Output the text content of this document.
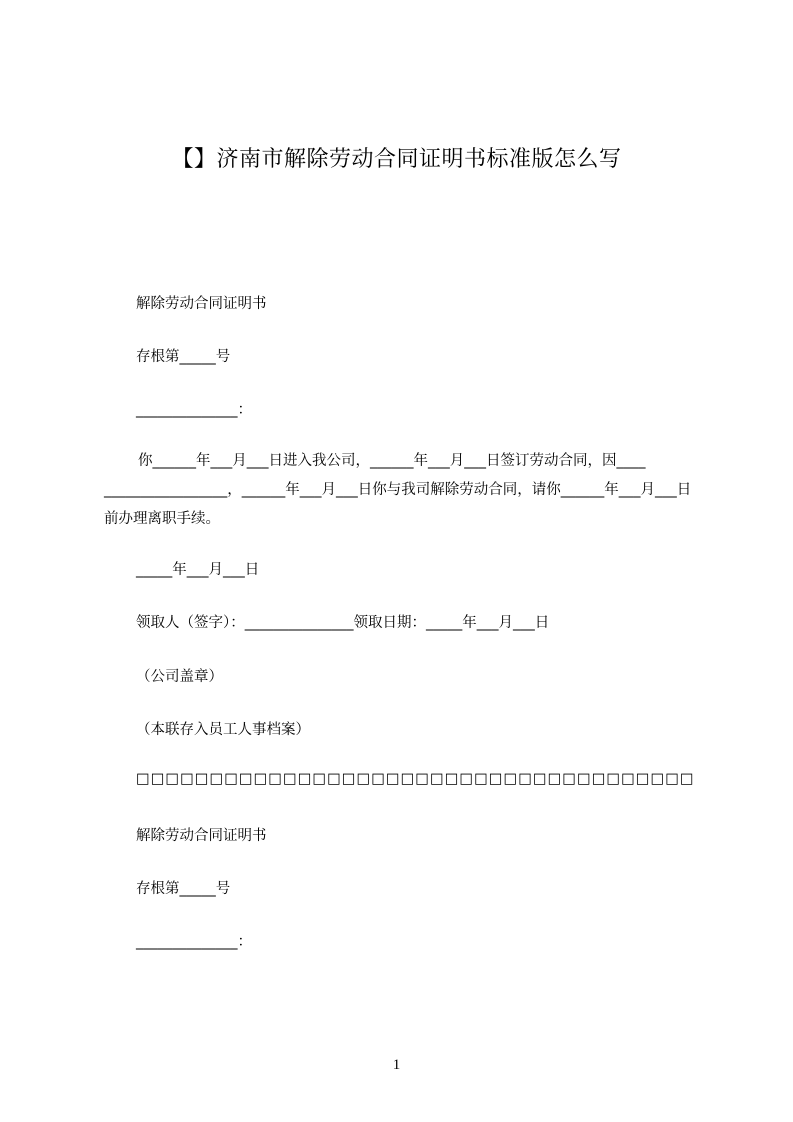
【】济南市解除劳动合同证明书标准版怎么写
解除劳动合同证明书
存根第_____号
______________：
你______年___月___日进入我公司，______年___月___日签订劳动合同，因____ _________________，______年___月___日你与我司解除劳动合同，请你______年___月___日前办理离职手续。
_____年___月___日
领取人（签字）：_______________领取日期：_____年___月___日
（公司盖章）
（本联存入员工人事档案）
□□□□□□□□□□□□□□□□□□□□□□□□□□□□□□□□□□□□□□
解除劳动合同证明书
存根第_____号
______________：
1
